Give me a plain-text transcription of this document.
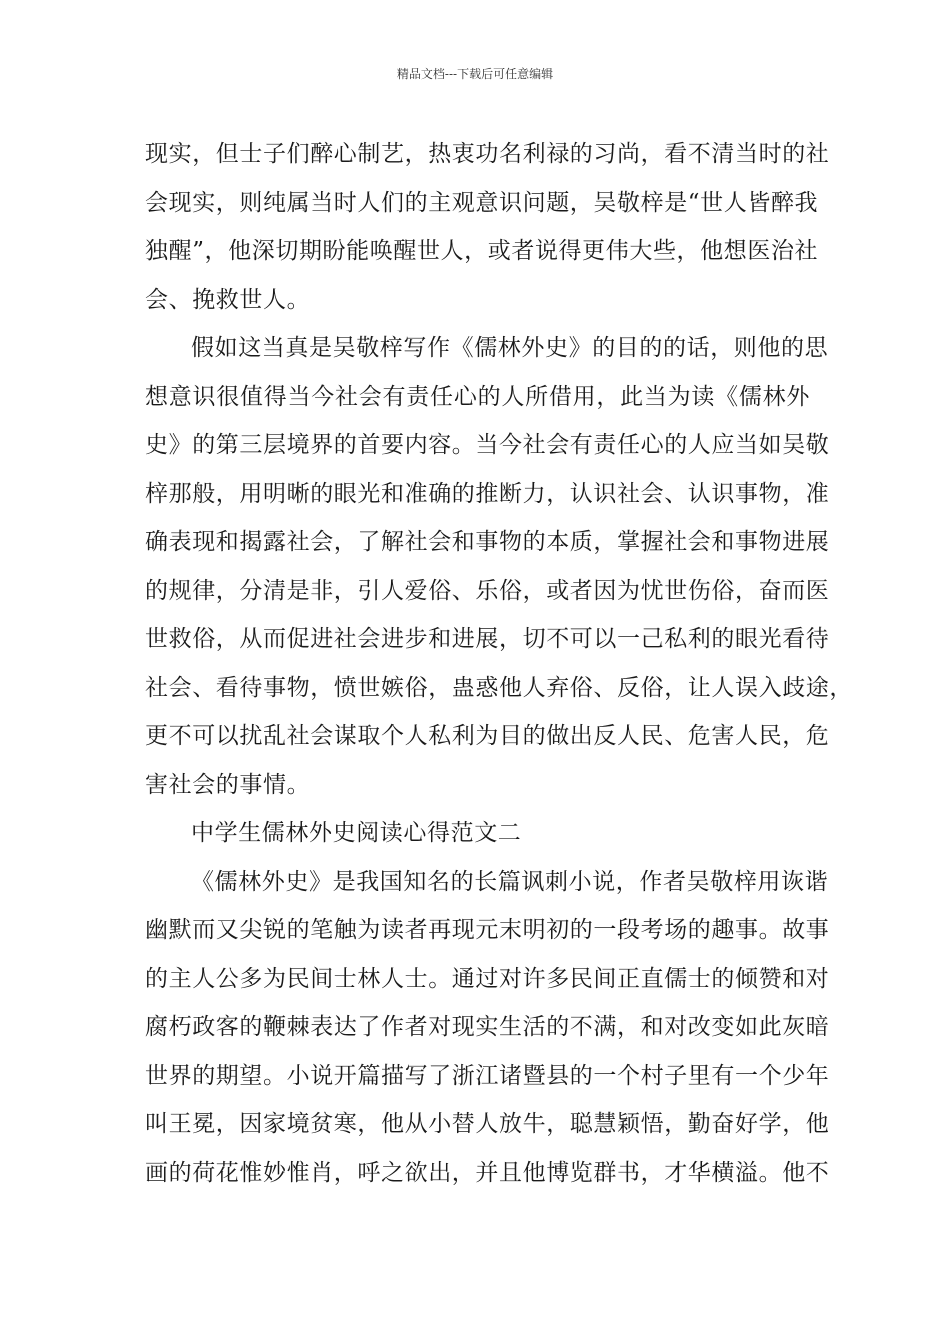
精品文档---下载后可任意编辑
现实，但士子们醉心制艺，热衷功名利禄的习尚，看不清当时的社
会现实，则纯属当时人们的主观意识问题，吴敬梓是“世人皆醉我
独醒”，他深切期盼能唤醒世人，或者说得更伟大些，他想医治社
会、挽救世人。
假如这当真是吴敬梓写作《儒林外史》的目的的话，则他的思
想意识很值得当今社会有责任心的人所借用，此当为读《儒林外
史》的第三层境界的首要内容。当今社会有责任心的人应当如吴敬
梓那般，用明晰的眼光和准确的推断力，认识社会、认识事物，准
确表现和揭露社会，了解社会和事物的本质，掌握社会和事物进展
的规律，分清是非，引人爱俗、乐俗，或者因为忧世伤俗，奋而医
世救俗，从而促进社会进步和进展，切不可以一己私利的眼光看待
社会、看待事物，愤世嫉俗，蛊惑他人弃俗、反俗，让人误入歧途，
更不可以扰乱社会谋取个人私利为目的做出反人民、危害人民，危
害社会的事情。
中学生儒林外史阅读心得范文二
《儒林外史》是我国知名的长篇讽刺小说，作者吴敬梓用诙谐
幽默而又尖锐的笔触为读者再现元末明初的一段考场的趣事。故事
的主人公多为民间士林人士。通过对许多民间正直儒士的倾赞和对
腐朽政客的鞭棘表达了作者对现实生活的不满，和对改变如此灰暗
世界的期望。小说开篇描写了浙江诸暨县的一个村子里有一个少年
叫王冕，因家境贫寒，他从小替人放牛，聪慧颖悟，勤奋好学，他
画的荷花惟妙惟肖，呼之欲出，并且他博览群书，才华横溢。他不
